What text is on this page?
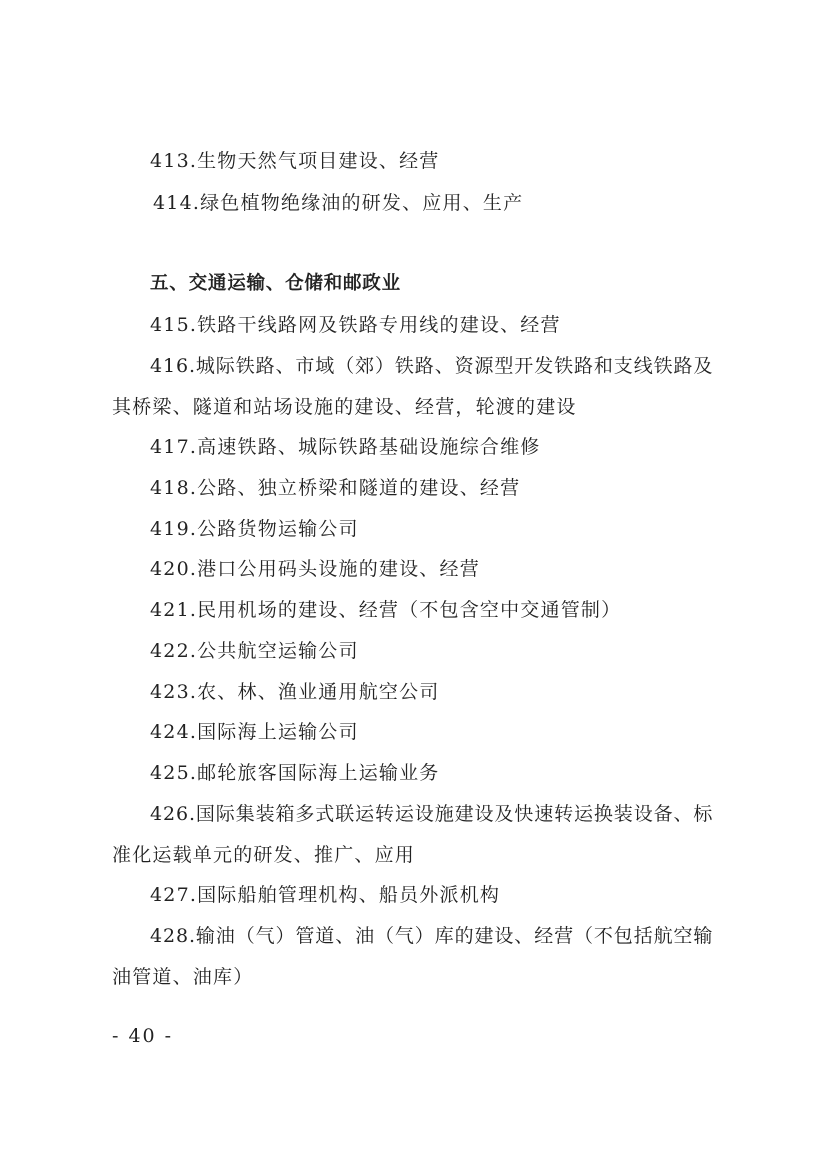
413.生物天然气项目建设、经营
414.绿色植物绝缘油的研发、应用、生产
五、交通运输、仓储和邮政业
415.铁路干线路网及铁路专用线的建设、经营
416.城际铁路、市域（郊）铁路、资源型开发铁路和支线铁路及
其桥梁、隧道和站场设施的建设、经营，轮渡的建设
417.高速铁路、城际铁路基础设施综合维修
418.公路、独立桥梁和隧道的建设、经营
419.公路货物运输公司
420.港口公用码头设施的建设、经营
421.民用机场的建设、经营（不包含空中交通管制）
422.公共航空运输公司
423.农、林、渔业通用航空公司
424.国际海上运输公司
425.邮轮旅客国际海上运输业务
426.国际集装箱多式联运转运设施建设及快速转运换装设备、标
准化运载单元的研发、推广、应用
427.国际船舶管理机构、船员外派机构
428.输油（气）管道、油（气）库的建设、经营（不包括航空输
油管道、油库）
- 40 -
